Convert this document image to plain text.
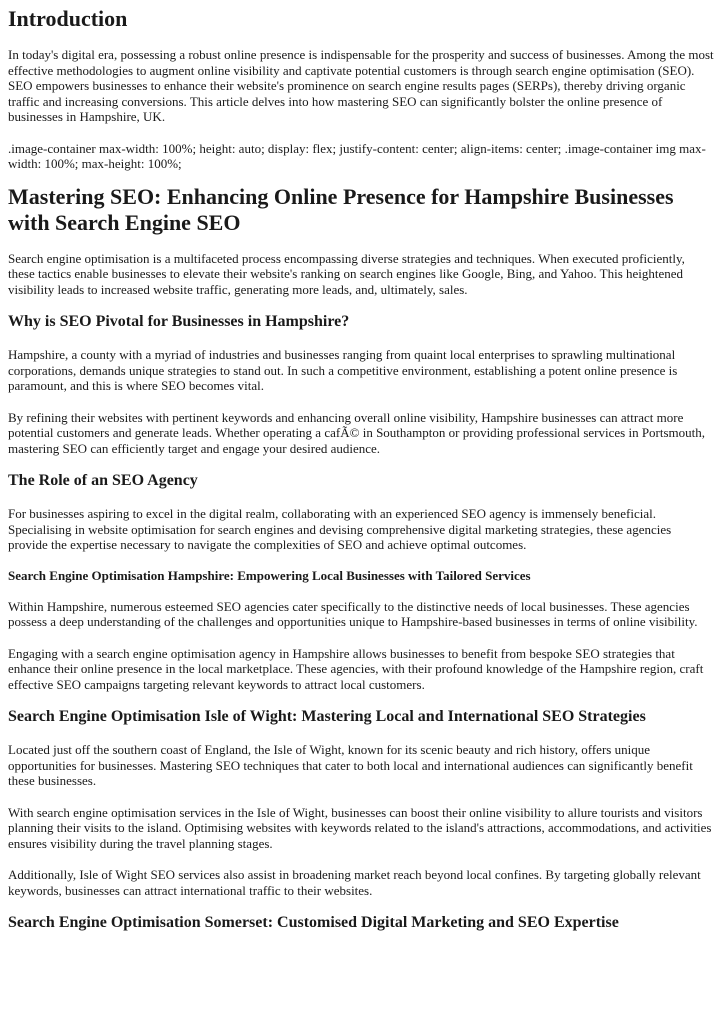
Introduction

In today's digital era, possessing a robust online presence is indispensable for the prosperity and success of businesses. Among the most effective methodologies to augment online visibility and captivate potential customers is through search engine optimisation (SEO). SEO empowers businesses to enhance their website's prominence on search engine results pages (SERPs), thereby driving organic traffic and increasing conversions. This article delves into how mastering SEO can significantly bolster the online presence of businesses in Hampshire, UK.

.image-container max-width: 100%; height: auto; display: flex; justify-content: center; align-items: center; .image-container img max-width: 100%; max-height: 100%;

Mastering SEO: Enhancing Online Presence for Hampshire Businesses with Search Engine SEO

Search engine optimisation is a multifaceted process encompassing diverse strategies and techniques. When executed proficiently, these tactics enable businesses to elevate their website's ranking on search engines like Google, Bing, and Yahoo. This heightened visibility leads to increased website traffic, generating more leads, and, ultimately, sales.

Why is SEO Pivotal for Businesses in Hampshire?

Hampshire, a county with a myriad of industries and businesses ranging from quaint local enterprises to sprawling multinational corporations, demands unique strategies to stand out. In such a competitive environment, establishing a potent online presence is paramount, and this is where SEO becomes vital.

By refining their websites with pertinent keywords and enhancing overall online visibility, Hampshire businesses can attract more potential customers and generate leads. Whether operating a cafÃ© in Southampton or providing professional services in Portsmouth, mastering SEO can efficiently target and engage your desired audience.

The Role of an SEO Agency

For businesses aspiring to excel in the digital realm, collaborating with an experienced SEO agency is immensely beneficial. Specialising in website optimisation for search engines and devising comprehensive digital marketing strategies, these agencies provide the expertise necessary to navigate the complexities of SEO and achieve optimal outcomes.

Search Engine Optimisation Hampshire: Empowering Local Businesses with Tailored Services

Within Hampshire, numerous esteemed SEO agencies cater specifically to the distinctive needs of local businesses. These agencies possess a deep understanding of the challenges and opportunities unique to Hampshire-based businesses in terms of online visibility.

Engaging with a search engine optimisation agency in Hampshire allows businesses to benefit from bespoke SEO strategies that enhance their online presence in the local marketplace. These agencies, with their profound knowledge of the Hampshire region, craft effective SEO campaigns targeting relevant keywords to attract local customers.

Search Engine Optimisation Isle of Wight: Mastering Local and International SEO Strategies

Located just off the southern coast of England, the Isle of Wight, known for its scenic beauty and rich history, offers unique opportunities for businesses. Mastering SEO techniques that cater to both local and international audiences can significantly benefit these businesses.

With search engine optimisation services in the Isle of Wight, businesses can boost their online visibility to allure tourists and visitors planning their visits to the island. Optimising websites with keywords related to the island's attractions, accommodations, and activities ensures visibility during the travel planning stages.

Additionally, Isle of Wight SEO services also assist in broadening market reach beyond local confines. By targeting globally relevant keywords, businesses can attract international traffic to their websites.

Search Engine Optimisation Somerset: Customised Digital Marketing and SEO Expertise
